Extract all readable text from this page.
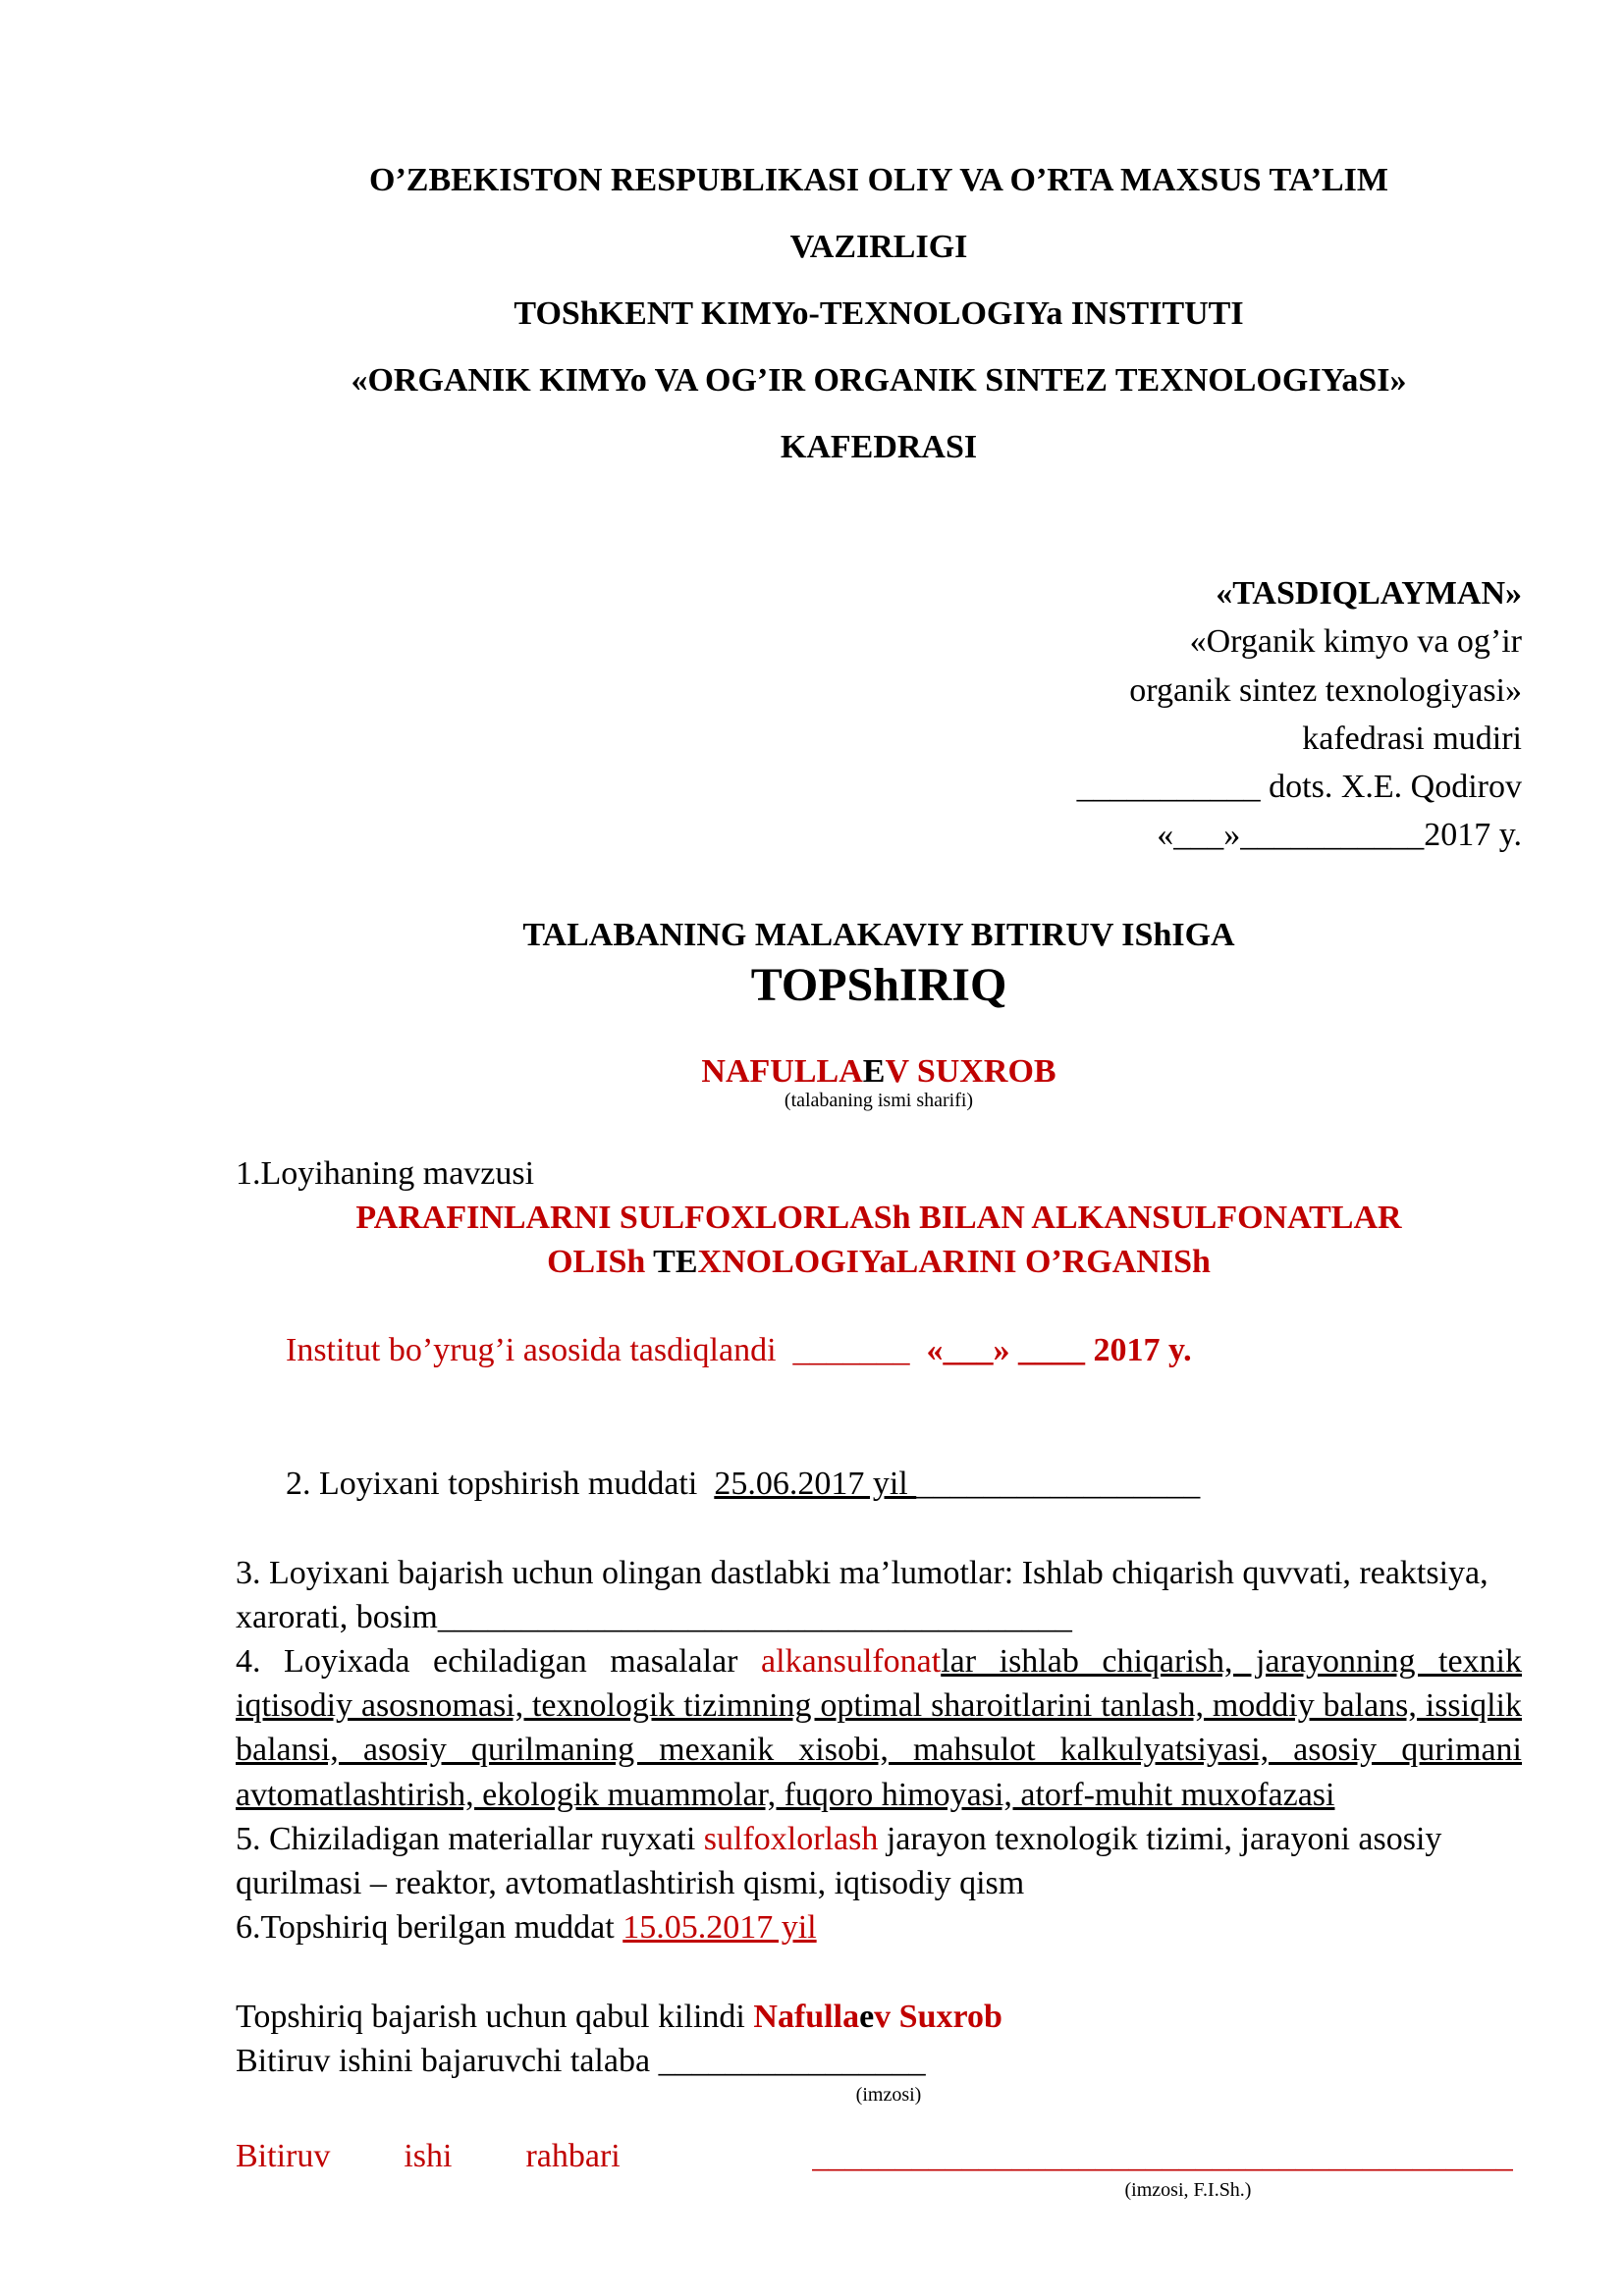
O’ZBEKISTON RESPUBLIKASI OLIY VA O’RTA MAXSUS TA’LIM
VAZIRLIGI
TOShKENT KIMYo-TEXNOLOGIYa INSTITUTI
«ORGANIK KIMYo VA OG’IR ORGANIK SINTEZ TEXNOLOGIYaSI»
KAFEDRASI
«TASDIQLAYMAN»
«Organik kimyo va og’ir
organik sintez texnologiyasi»
kafedrasi mudiri
___________ dots. X.E. Qodirov
«___»___________2017 y.
TALABANING MALAKAVIY BITIRUV IShIGA
TOPShIRIQ
NAFULLAEV SUXROB
(talabaning ismi sharifi)

1.Loyihaning mavzusi

PARAFINLARNI SULFOXLORLASh BILAN ALKANSULFONATLAR

OLISh TEXNOLOGIYaLARINI O’RGANISh

Institut bo’yrug’i asosida tasdiqlandi  _______  «___» ____ 2017 y.

2. Loyixani topshirish muddati  25.06.2017 yil _________________

3. Loyixani bajarish uchun olingan dastlabki ma’lumotlar: Ishlab chiqarish quvvati, reaktsiya, xarorati, bosim______________________________________

4. Loyixada echiladigan masalalar alkansulfonatlar ishlab chiqarish, jarayonning texnik iqtisodiy asosnomasi, texnologik tizimning optimal sharoitlarini tanlash, moddiy balans, issiqlik balansi, asosiy qurilmaning mexanik xisobi, mahsulot kalkulyatsiyasi, asosiy qurimani avtomatlashtirish, ekologik muammolar, fuqoro himoyasi, atorf-muhit muxofazasi

5. Chiziladigan materiallar ruyxati sulfoxlorlash jarayon texnologik tizimi, jarayoni asosiy qurilmasi – reaktor, avtomatlashtirish qismi, iqtisodiy qism

6.Topshiriq berilgan muddat 15.05.2017 yil

Topshiriq bajarish uchun qabul kilindi Nafullaev Suxrob

Bitiruv ishini bajaruvchi talaba ________________

(imzosi)
Bitiruv ishi rahbari	__________________________________________
(imzosi, F.I.Sh.)
